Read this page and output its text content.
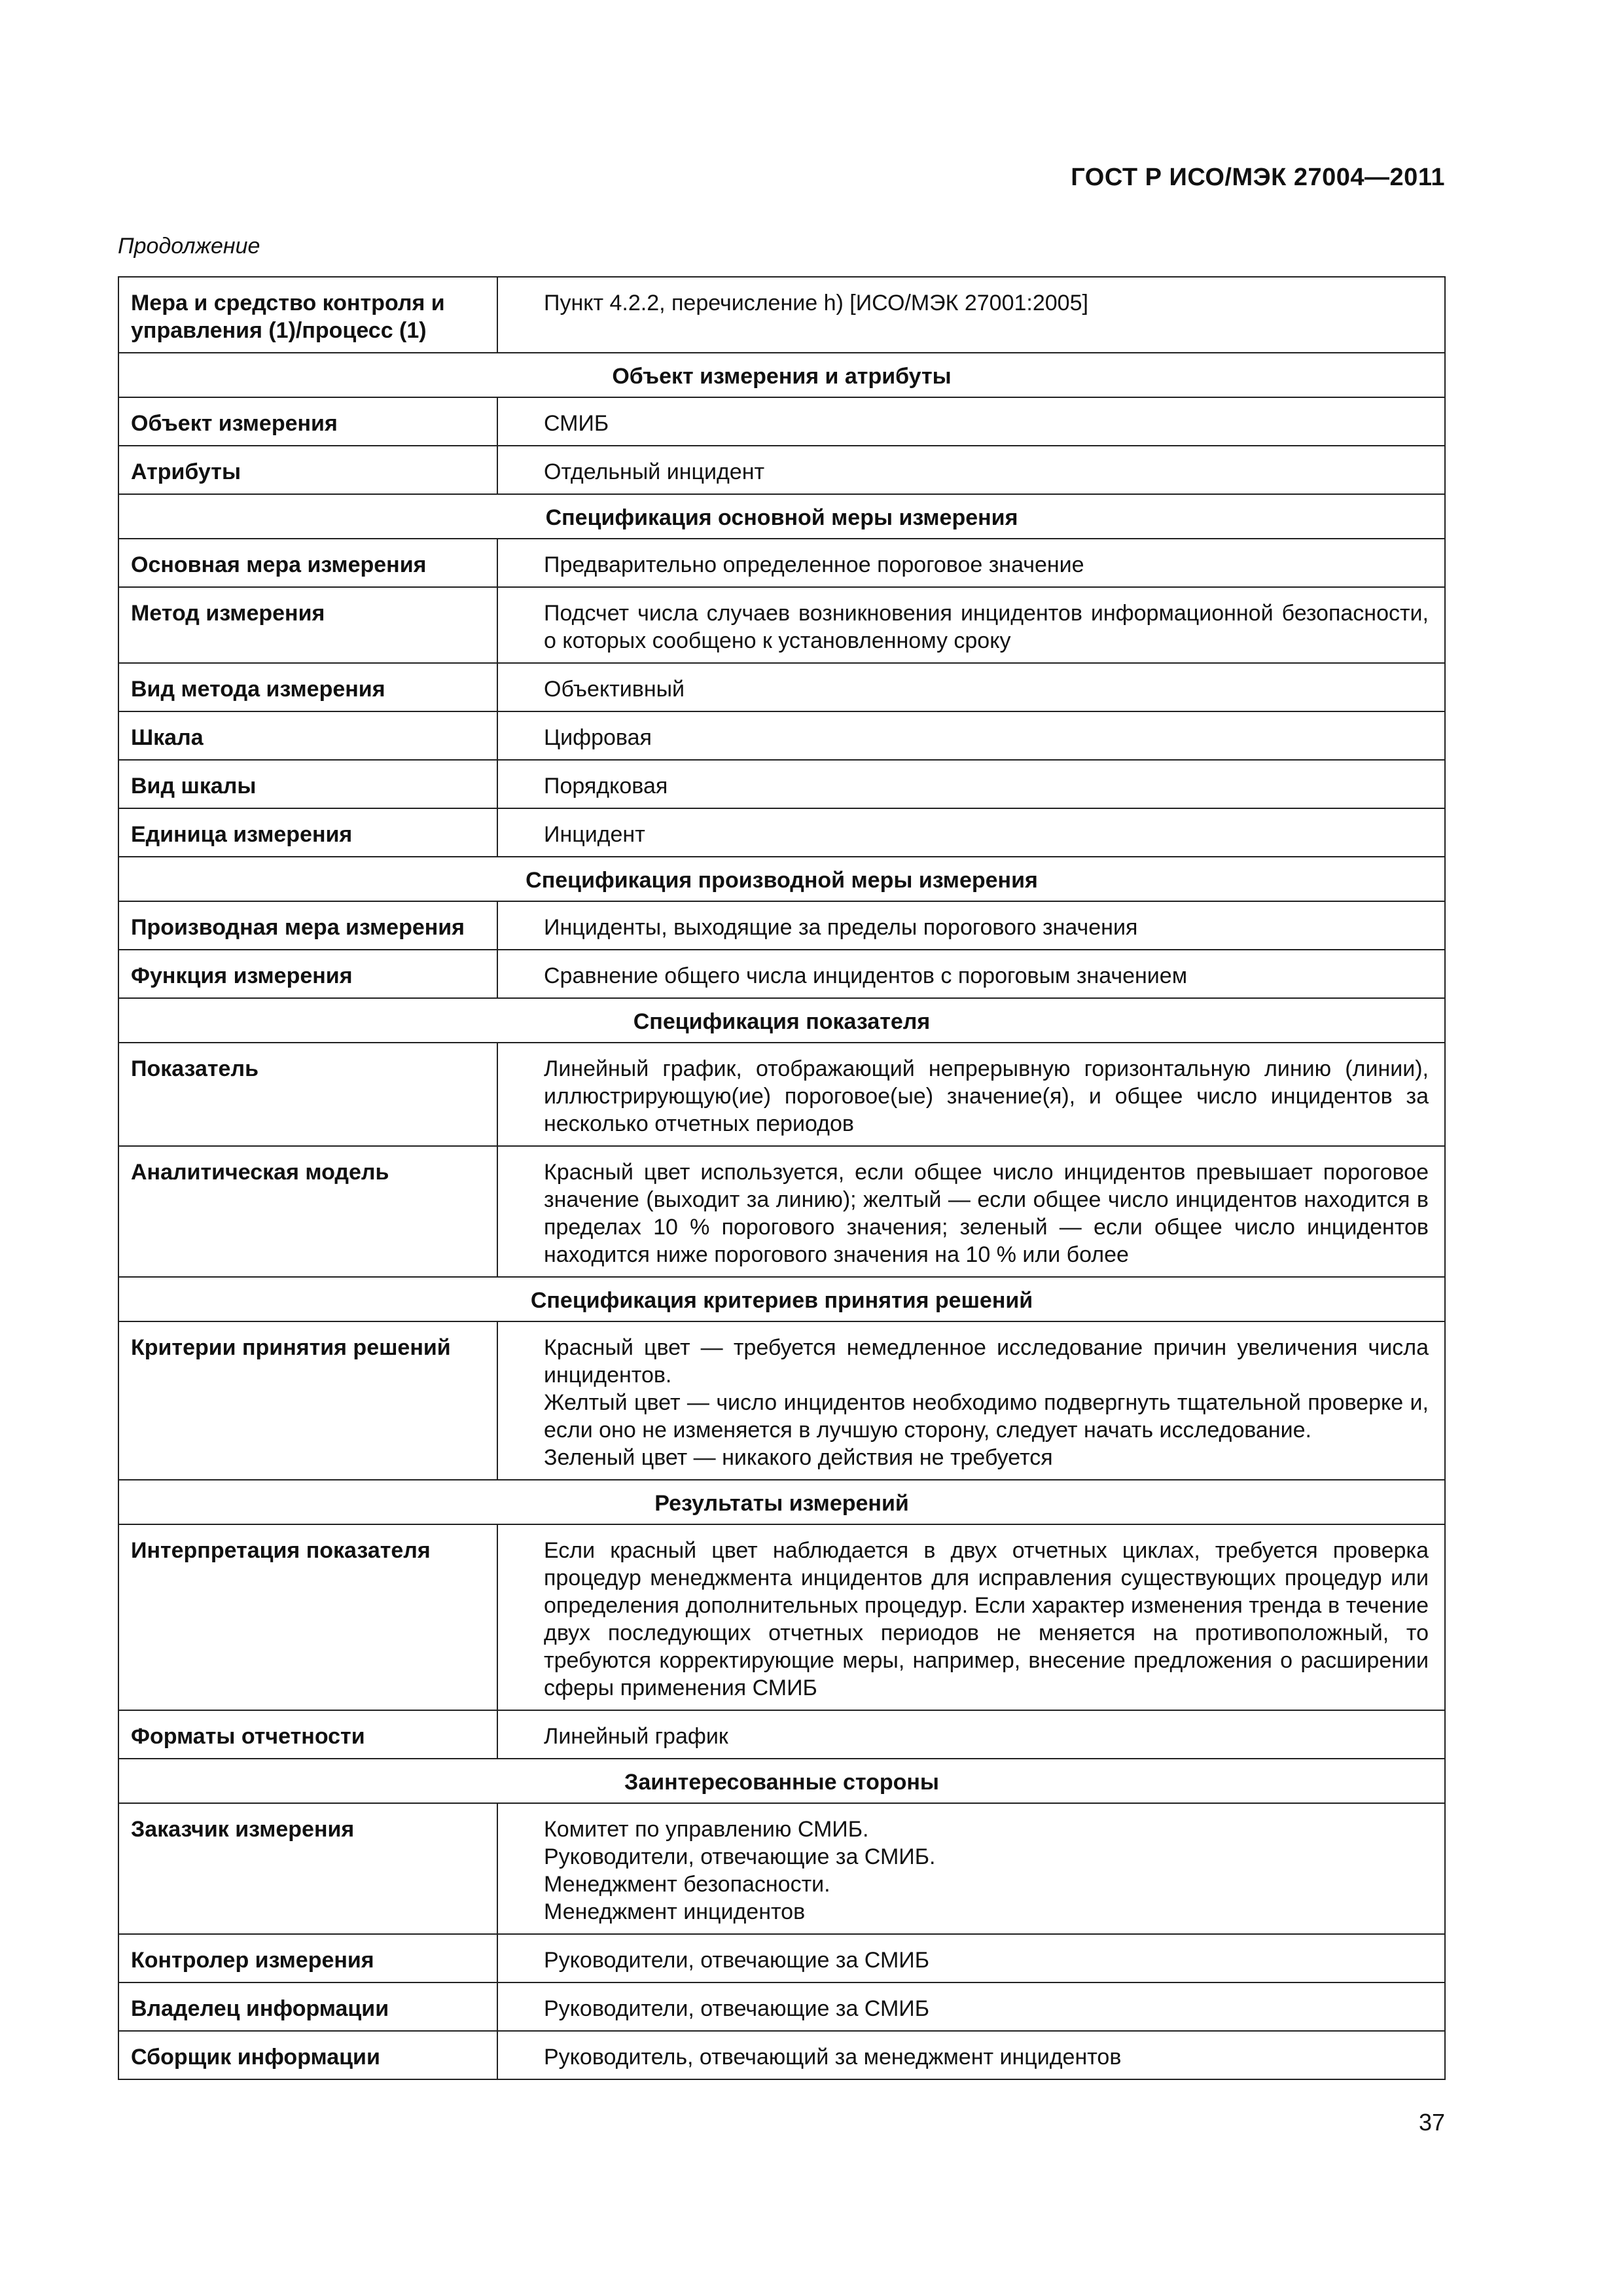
ГОСТ Р ИСО/МЭК 27004—2011
Продолжение
Мера и средство контроля и управления (1)/процесс (1)	Пункт 4.2.2, перечисление h) [ИСО/МЭК 27001:2005]
Объект измерения и атрибуты	
Объект измерения	СМИБ
Атрибуты	Отдельный инцидент
Спецификация основной меры измерения	
Основная мера измерения	Предварительно определенное пороговое значение
Метод измерения	Подсчет числа случаев возникновения инцидентов информационной безопасности, о которых сообщено к установленному сроку
Вид метода измерения	Объективный
Шкала	Цифровая
Вид шкалы	Порядковая
Единица измерения	Инцидент
Спецификация производной меры измерения	
Производная мера измерения	Инциденты, выходящие за пределы порогового значения
Функция измерения	Сравнение общего числа инцидентов с пороговым значением
Спецификация показателя	
Показатель	Линейный график, отображающий непрерывную горизонтальную линию (линии), иллюстрирующую(ие) пороговое(ые) значение(я), и общее число инцидентов за несколько отчетных периодов
Аналитическая модель	Красный цвет используется, если общее число инцидентов превышает пороговое значение (выходит за линию); желтый — если общее число инцидентов находится в пределах 10 % порогового значения; зеленый — если общее число инцидентов находится ниже порогового значения на 10 % или более
Спецификация критериев принятия решений	
Критерии принятия решений	Красный цвет — требуется немедленное исследование причин увеличения числа инцидентов.

Желтый цвет — число инцидентов необходимо подвергнуть тщательной проверке и, если оно не изменяется в лучшую сторону, следует начать исследование.

Зеленый цвет — никакого действия не требуется

Результаты измерений	
Интерпретация показателя	Если красный цвет наблюдается в двух отчетных циклах, требуется проверка процедур менеджмента инцидентов для исправления существующих процедур или определения дополнительных процедур. Если характер изменения тренда в течение двух последующих отчетных периодов не меняется на противоположный, то требуются корректирующие меры, например, внесение предложения о расширении сферы применения СМИБ
Форматы отчетности	Линейный график
Заинтересованные стороны	
Заказчик измерения	Комитет по управлению СМИБ.

Руководители, отвечающие за СМИБ.

Менеджмент безопасности.

Менеджмент инцидентов

Контролер измерения	Руководители, отвечающие за СМИБ
Владелец информации	Руководители, отвечающие за СМИБ
Сборщик информации	Руководитель, отвечающий за менеджмент инцидентов
37
